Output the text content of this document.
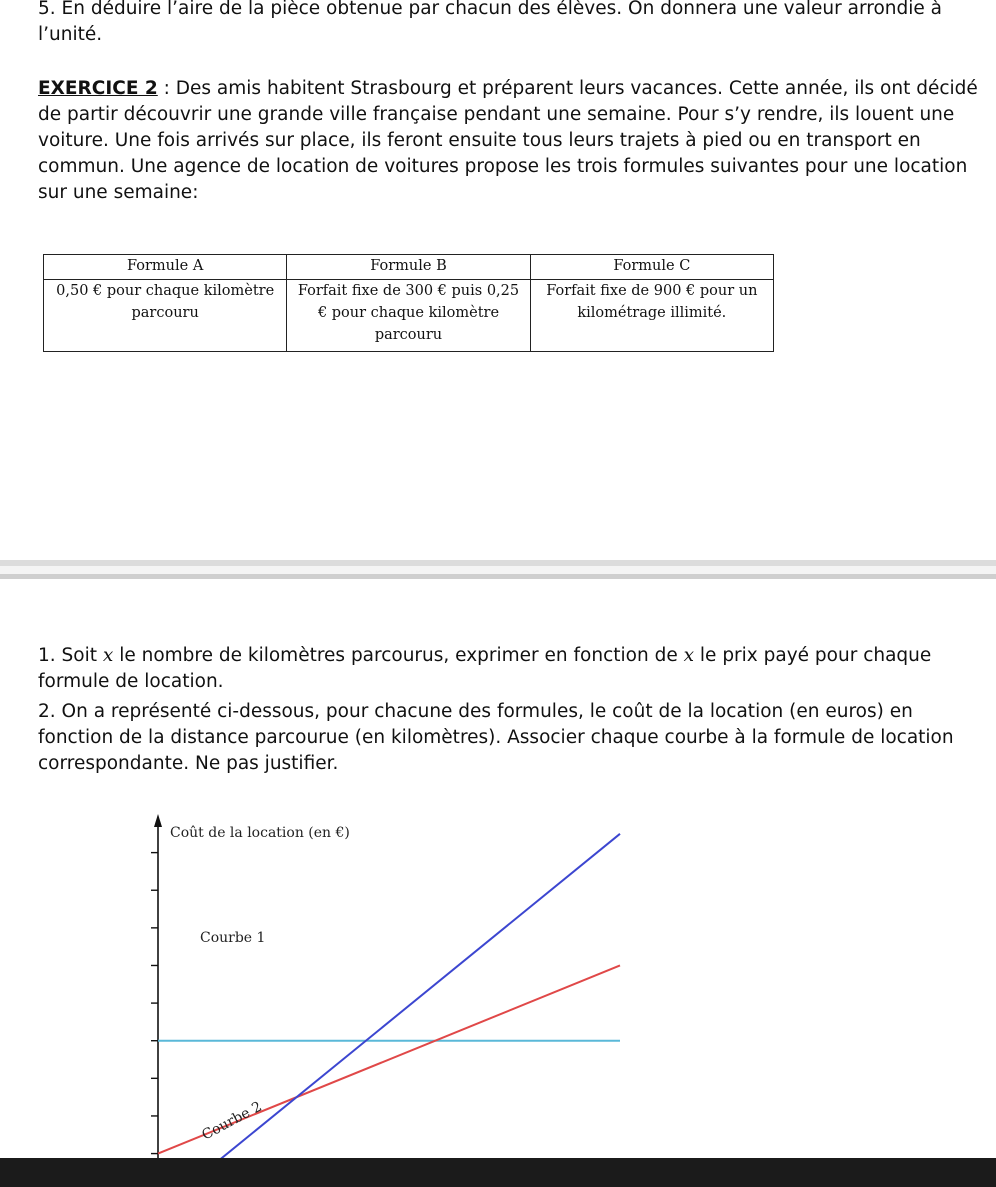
5. En déduire l’aire de la pièce obtenue par chacun des élèves. On donnera une valeur arrondie à l’unité.

EXERCICE 2 : Des amis habitent Strasbourg et préparent leurs vacances. Cette année, ils ont décidé de partir découvrir une grande ville française pendant une semaine. Pour s’y rendre, ils louent une voiture. Une fois arrivés sur place, ils feront ensuite tous leurs trajets à pied ou en transport en commun. Une agence de location de voitures propose les trois formules suivantes pour une location sur une semaine:

Formule A	Formule B	Formule C
0,50 € pour chaque kilomètre parcouru	Forfait fixe de 300 € puis 0,25 € pour chaque kilomètre parcouru	Forfait fixe de 900 € pour un kilométrage illimité.

1. Soit x le nombre de kilomètres parcourus, exprimer en fonction de x le prix payé pour chaque formule de location.

2. On a représenté ci-dessous, pour chacune des formules, le coût de la location (en euros) en fonction de la distance parcourue (en kilomètres). Associer chaque courbe à la formule de location correspondante. Ne pas justifier.

Coût de la location (en €)
Courbe 1
Courbe 2
